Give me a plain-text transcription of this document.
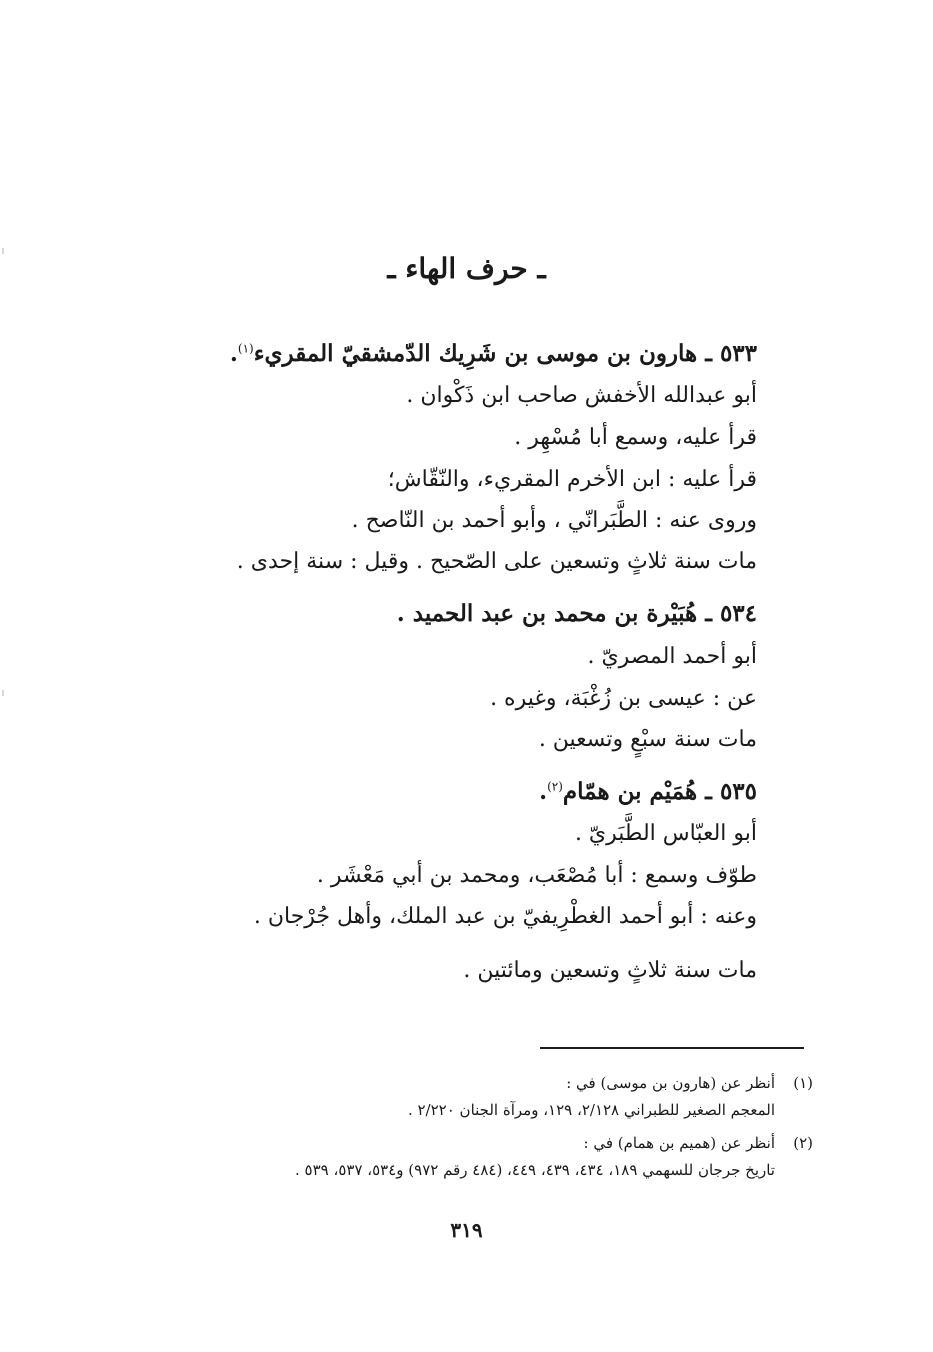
ـ حرف الهاء ـ
٥٣٣ ـ هارون بن موسى بن شَرِيك الدّمشقيّ المقريء$^{(١)}$.
أبو عبدالله الأخفش صاحب ابن ذَكْوان .
قرأ عليه، وسمع أبا مُسْهِر .
قرأ عليه : ابن الأخرم المقريء، والنّقّاش؛
وروى عنه : الطَّبَرانّي ، وأبو أحمد بن النّاصح .
مات سنة ثلاثٍ وتسعين على الصّحيح . وقيل : سنة إحدى .
٥٣٤ ـ هُبَيْرة بن محمد بن عبد الحميد .
أبو أحمد المصريّ .
عن : عيسى بن زُغْبَة، وغيره .
مات سنة سبْعٍ وتسعين .
٥٣٥ ـ هُمَيْم بن همّام$^{(٢)}$.
أبو العبّاس الطَّبَريّ .
طوّف وسمع : أبا مُصْعَب، ومحمد بن أبي مَعْشَر .
وعنه : أبو أحمد الغطْرِيفيّ بن عبد الملك، وأهل جُرْجان .
مات سنة ثلاثٍ وتسعين ومائتين .
(١)أنظر عن (هارون بن موسى) في :
المعجم الصغير للطبراني ٢/١٢٨، ١٢٩، ومرآة الجنان ٢/٢٢٠ .
(٢)أنظر عن (هميم بن همام) في :
تاريخ جرجان للسهمي ١٨٩، ٤٣٤، ٤٣٩، ٤٤٩، (٤٨٤ رقم ٩٧٢) و٥٣٤، ٥٣٧، ٥٣٩ .
٣١٩
